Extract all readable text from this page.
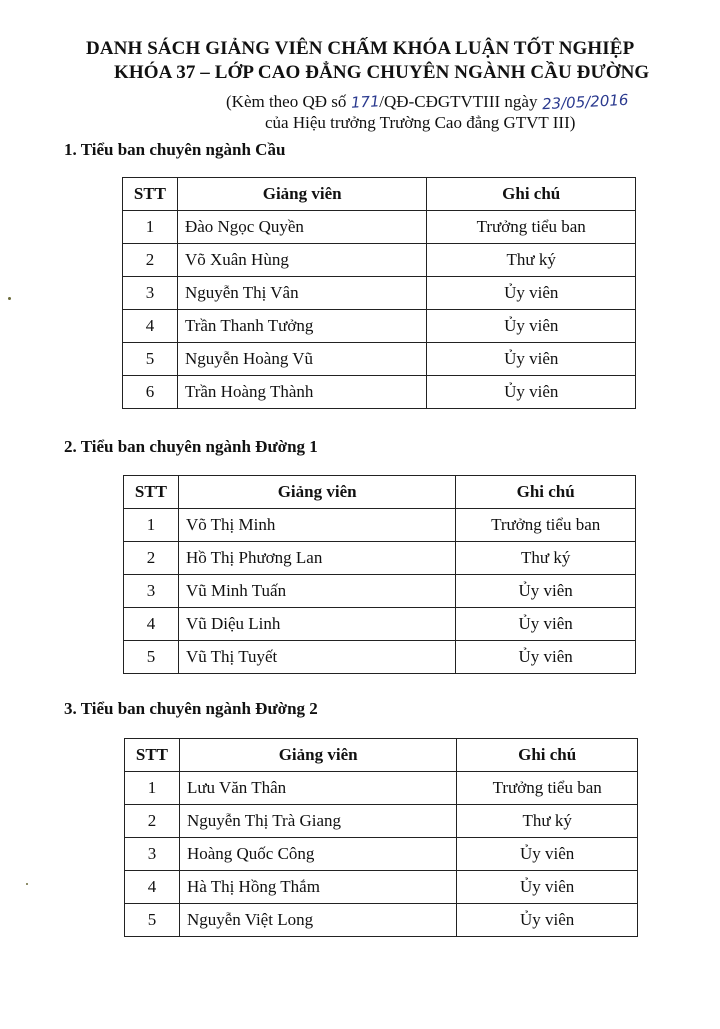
DANH SÁCH GIẢNG VIÊN CHẤM KHÓA LUẬN TỐT NGHIỆP
KHÓA 37 – LỚP CAO ĐẲNG CHUYÊN NGÀNH CẦU ĐƯỜNG
(Kèm theo QĐ số 171/QĐ-CĐGTVTIII ngày 23/05/2016
của Hiệu trưởng Trường Cao đẳng GTVT III)
1. Tiểu ban chuyên ngành Cầu
STT	Giảng viên	Ghi chú
1	Đào Ngọc Quyền	Trưởng tiểu ban
2	Võ Xuân Hùng	Thư ký
3	Nguyễn Thị Vân	Ủy viên
4	Trần Thanh Tưởng	Ủy viên
5	Nguyễn Hoàng Vũ	Ủy viên
6	Trần Hoàng Thành	Ủy viên
2. Tiểu ban chuyên ngành Đường 1
STT	Giảng viên	Ghi chú
1	Võ Thị Minh	Trưởng tiểu ban
2	Hồ Thị Phương Lan	Thư ký
3	Vũ Minh Tuấn	Ủy viên
4	Vũ Diệu Linh	Ủy viên
5	Vũ Thị Tuyết	Ủy viên
3. Tiểu ban chuyên ngành Đường 2
STT	Giảng viên	Ghi chú
1	Lưu Văn Thân	Trưởng tiểu ban
2	Nguyễn Thị Trà Giang	Thư ký
3	Hoàng Quốc Công	Ủy viên
4	Hà Thị Hồng Thắm	Ủy viên
5	Nguyễn Việt Long	Ủy viên
